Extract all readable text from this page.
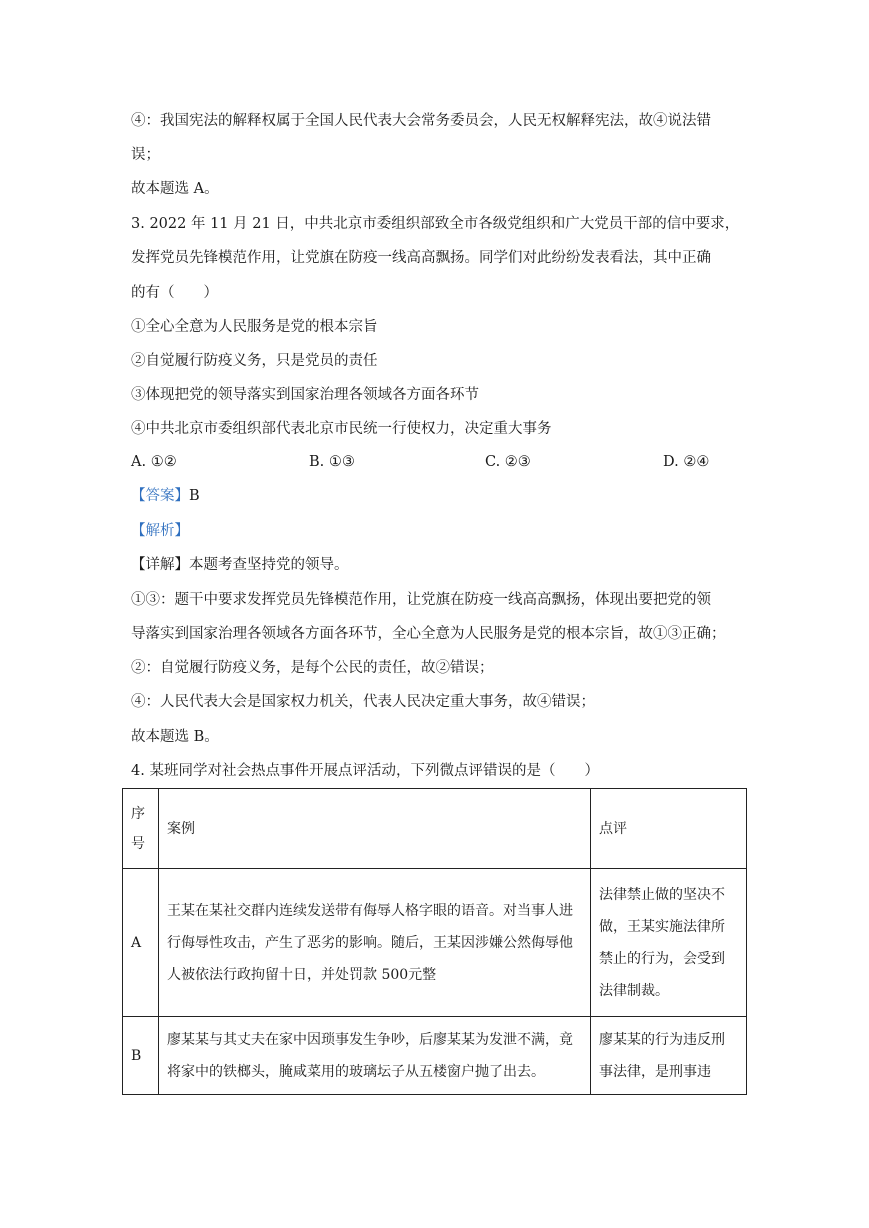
④：我国宪法的解释权属于全国人民代表大会常务委员会，人民无权解释宪法，故④说法错
误；
故本题选 A。
3. 2022 年 11 月 21 日，中共北京市委组织部致全市各级党组织和广大党员干部的信中要求，
发挥党员先锋模范作用，让党旗在防疫一线高高飘扬。同学们对此纷纷发表看法，其中正确
的有（　　）
①全心全意为人民服务是党的根本宗旨
②自觉履行防疫义务，只是党员的责任
③体现把党的领导落实到国家治理各领域各方面各环节
④中共北京市委组织部代表北京市民统一行使权力，决定重大事务
A. ①②	B. ①③	C. ②③	D. ②④
【答案】B
【解析】
【详解】本题考查坚持党的领导。
①③：题干中要求发挥党员先锋模范作用，让党旗在防疫一线高高飘扬，体现出要把党的领
导落实到国家治理各领域各方面各环节，全心全意为人民服务是党的根本宗旨，故①③正确；
②：自觉履行防疫义务，是每个公民的责任，故②错误；
④：人民代表大会是国家权力机关，代表人民决定重大事务，故④错误；
故本题选 B。
4. 某班同学对社会热点事件开展点评活动，下列微点评错误的是（　　）
序号	案例	点评
A	王某在某社交群内连续发送带有侮辱人格字眼的语音。对当事人进行侮辱性攻击，产生了恶劣的影响。随后，王某因涉嫌公然侮辱他人被依法行政拘留十日，并处罚款 500元整	法律禁止做的坚决不做，王某实施法律所禁止的行为，会受到法律制裁。
B	廖某某与其丈夫在家中因琐事发生争吵，后廖某某为发泄不满，竟将家中的铁榔头，腌咸菜用的玻璃坛子从五楼窗户抛了出去。	廖某某的行为违反刑事法律，是刑事违
